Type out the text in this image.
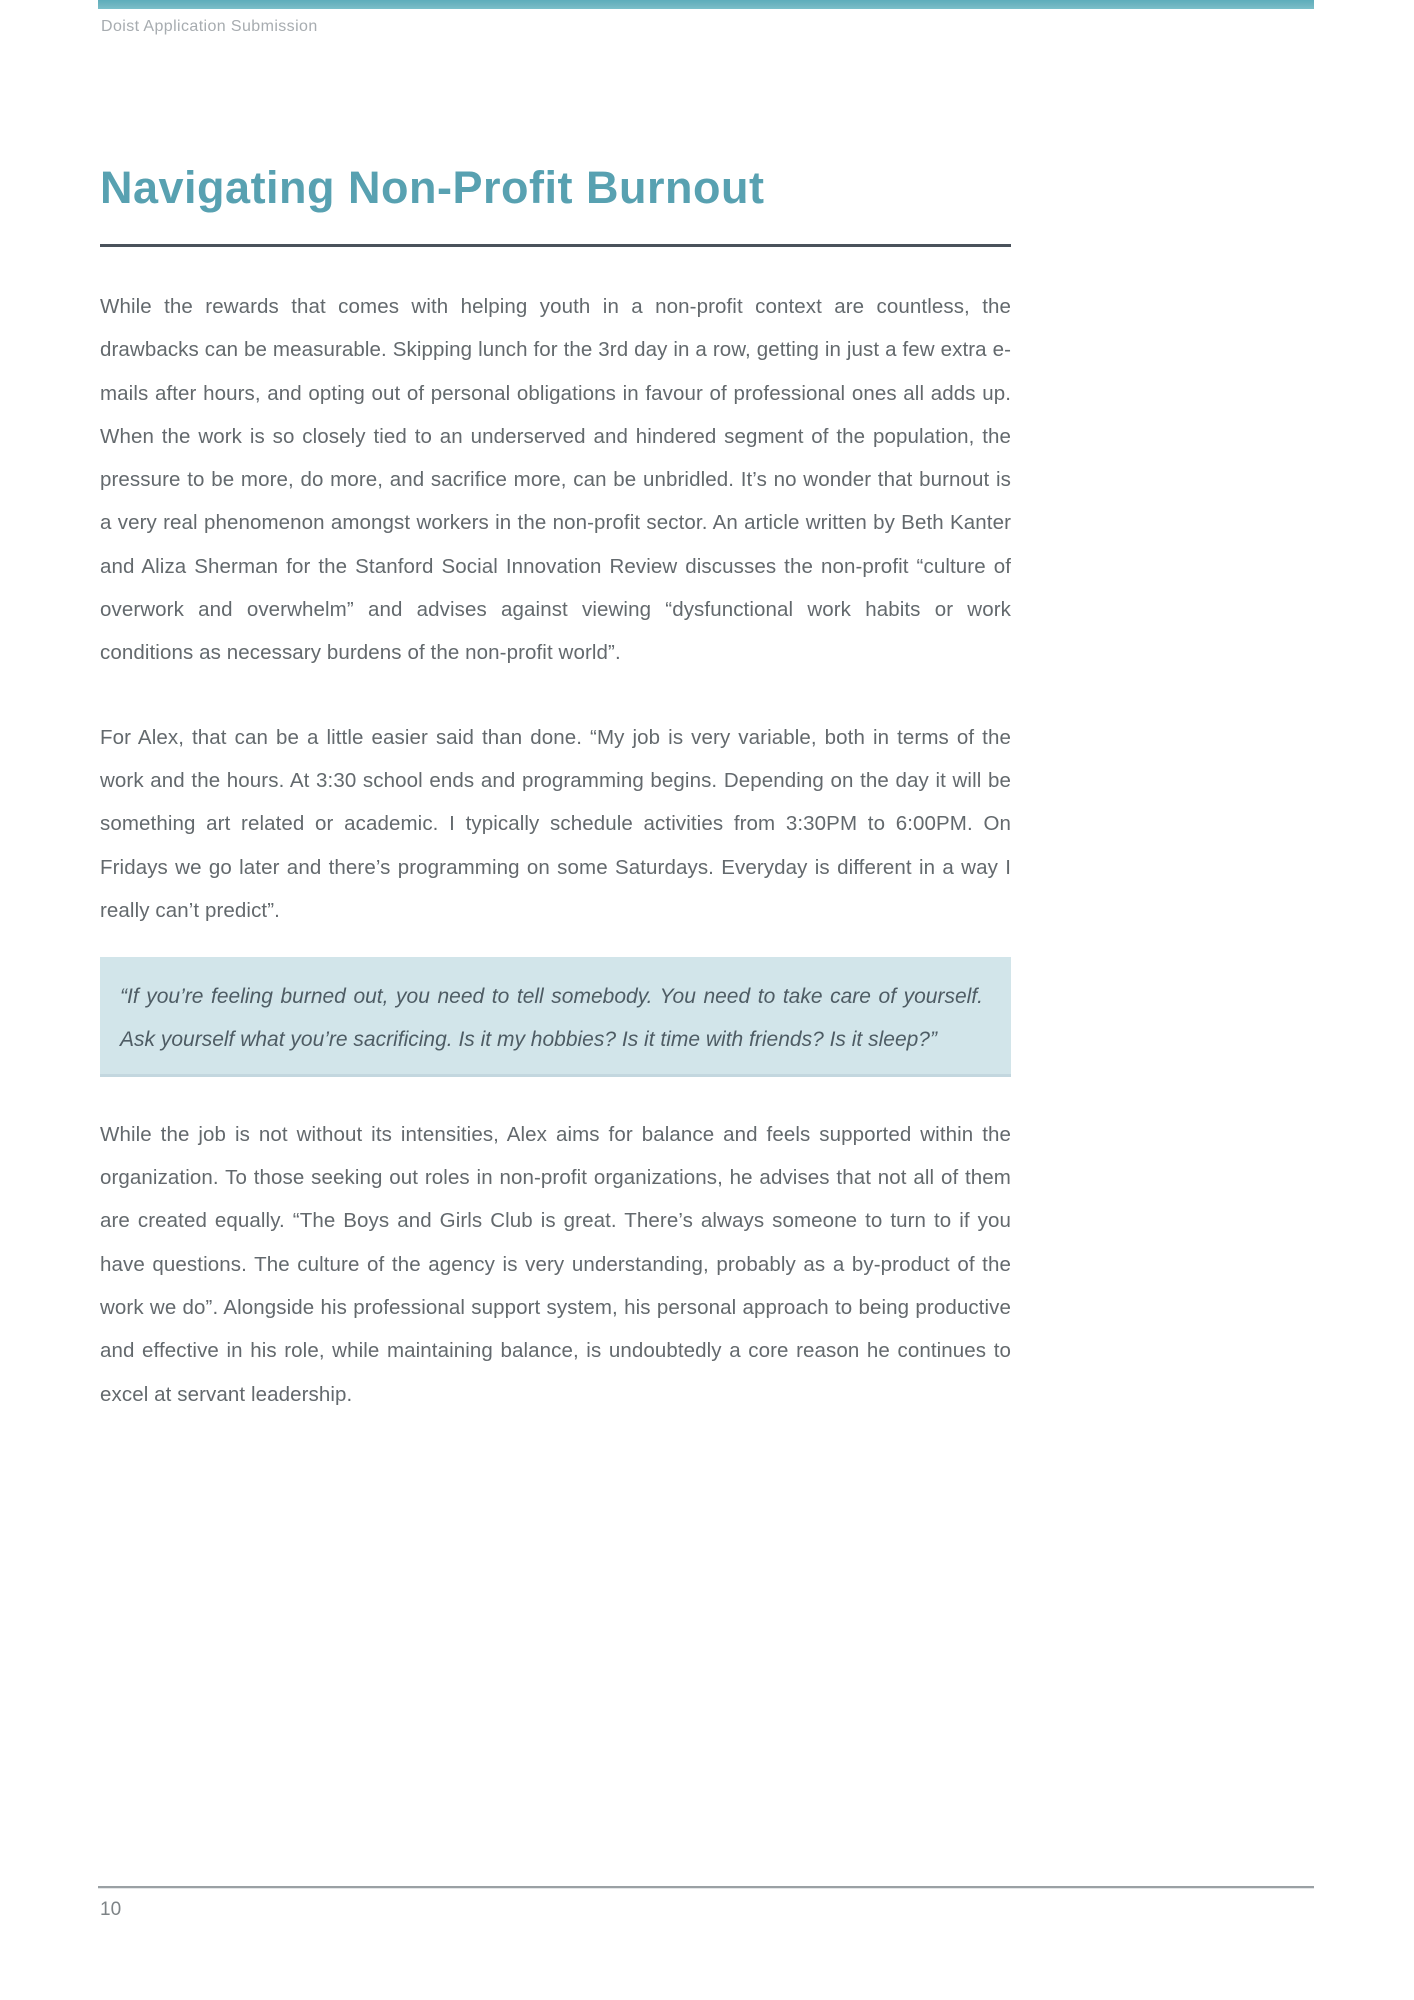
Doist Application Submission
Navigating Non-Profit Burnout

While the rewards that comes with helping youth in a non-profit context are countless, the drawbacks can be measurable. Skipping lunch for the 3rd day in a row, getting in just a few extra e-mails after hours, and opting out of personal obligations in favour of professional ones all adds up. When the work is so closely tied to an underserved and hindered segment of the population, the pressure to be more, do more, and sacrifice more, can be unbridled. It’s no wonder that burnout is a very real phenomenon amongst workers in the non-profit sector. An article written by Beth Kanter and Aliza Sherman for the Stanford Social Innovation Review discusses the non-profit “culture of overwork and overwhelm” and advises against viewing “dysfunctional work habits or work conditions as necessary burdens of the non-profit world”.

For Alex, that can be a little easier said than done. “My job is very variable, both in terms of the work and the hours. At 3:30 school ends and programming begins. Depending on the day it will be something art related or academic. I typically schedule activities from 3:30PM to 6:00PM. On Fridays we go later and there’s programming on some Saturdays. Everyday is different in a way I really can’t predict”.

“If you’re feeling burned out, you need to tell somebody. You need to take care of yourself. Ask yourself what you’re sacrificing. Is it my hobbies? Is it time with friends? Is it sleep?”

While the job is not without its intensities, Alex aims for balance and feels supported within the organization. To those seeking out roles in non-profit organizations, he advises that not all of them are created equally. “The Boys and Girls Club is great. There’s always someone to turn to if you have questions. The culture of the agency is very understanding, probably as a by-product of the work we do”. Alongside his professional support system, his personal approach to being productive and effective in his role, while maintaining balance, is undoubtedly a core reason he continues to excel at servant leadership.

10
